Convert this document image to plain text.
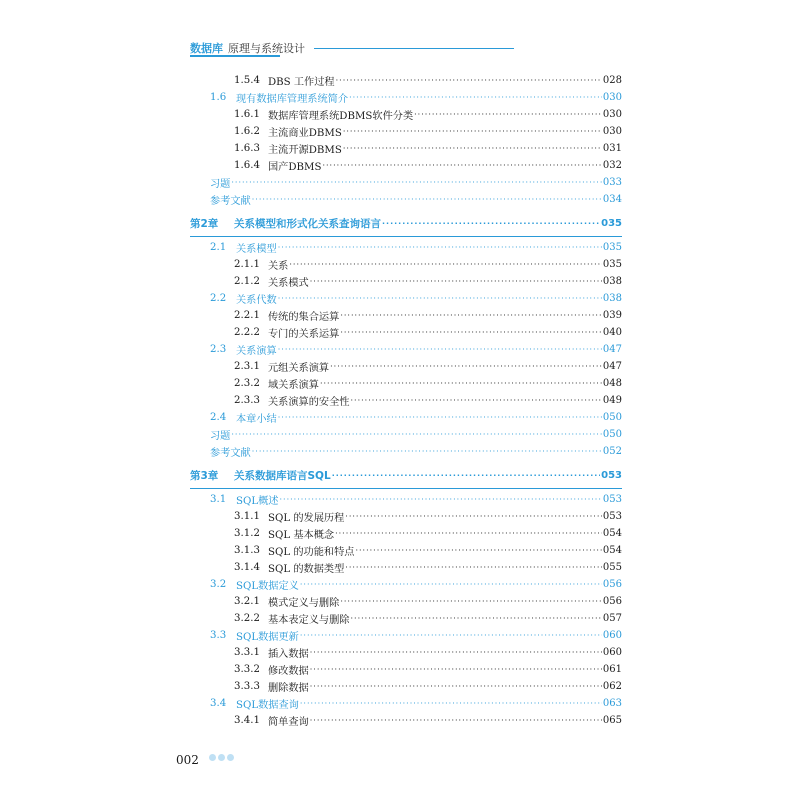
数据库 原理与系统设计
1.5.4 DBS 工作过程 ·····	028
1.6 现有数据库管理系统简介 ·····	030
1.6.1 数据库管理系统DBMS软件分类 ·····	030
1.6.2 主流商业DBMS ·····	030
1.6.3 主流开源DBMS ·····	031
1.6.4 国产DBMS ·····	032
习题 ·····	033
参考文献 ·····	034
第2章	关系模型和形式化关系查询语言 ·····	035
2.1 关系模型 ·····	035
2.1.1 关系 ·····	035
2.1.2 关系模式 ·····	038
2.2 关系代数 ·····	038
2.2.1 传统的集合运算 ·····	039
2.2.2 专门的关系运算 ·····	040
2.3 关系演算 ·····	047
2.3.1 元组关系演算 ·····	047
2.3.2 域关系演算 ·····	048
2.3.3 关系演算的安全性 ·····	049
2.4 本章小结 ·····	050
习题 ·····	050
参考文献 ·····	052
第3章	关系数据库语言SQL ·····	053
3.1 SQL概述 ·····	053
3.1.1 SQL 的发展历程 ·····	053
3.1.2 SQL 基本概念 ·····	054
3.1.3 SQL 的功能和特点 ·····	054
3.1.4 SQL 的数据类型 ·····	055
3.2 SQL数据定义 ·····	056
3.2.1 模式定义与删除 ·····	056
3.2.2 基本表定义与删除 ·····	057
3.3 SQL数据更新 ·····	060
3.3.1 插入数据 ·····	060
3.3.2 修改数据 ·····	061
3.3.3 删除数据 ·····	062
3.4 SQL数据查询 ·····	063
3.4.1 简单查询 ·····	065
002
